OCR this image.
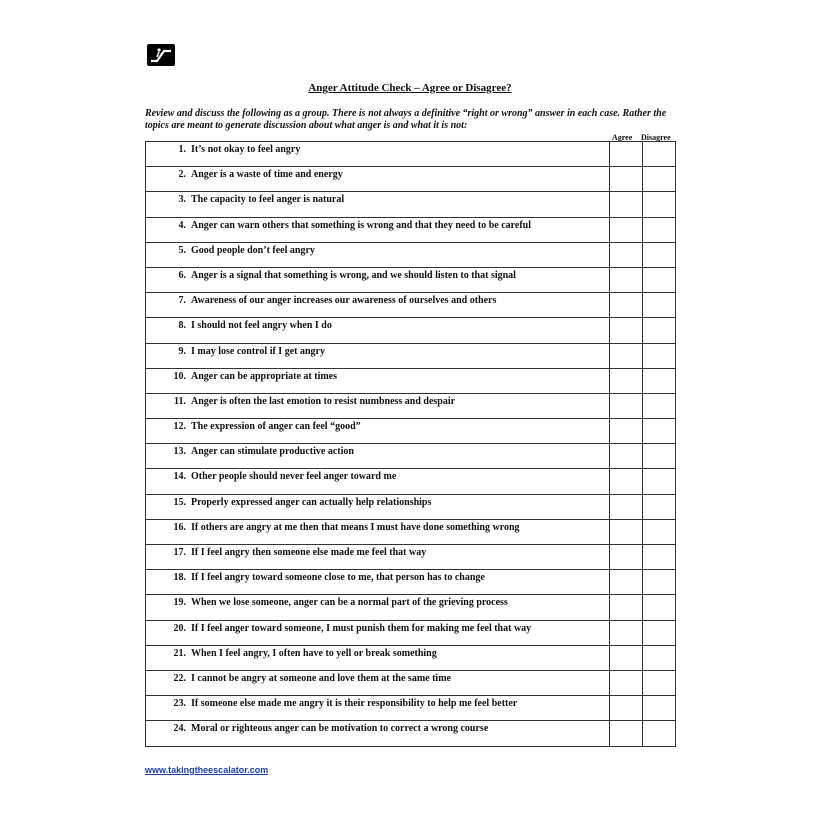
Anger Attitude Check – Agree or Disagree?
Review and discuss the following as a group. There is not always a definitive “right or wrong” answer in each case. Rather the topics are meant to generate discussion about what anger is and what it is not:
Agree Disagree
1. It’s not okay to feel angry		

2. Anger is a waste of time and energy		

3. The capacity to feel anger is natural		

4. Anger can warn others that something is wrong and that they need to be careful		

5. Good people don’t feel angry		

6. Anger is a signal that something is wrong, and we should listen to that signal		

7. Awareness of our anger increases our awareness of ourselves and others		

8. I should not feel angry when I do		

9. I may lose control if I get angry		

10. Anger can be appropriate at times		

11. Anger is often the last emotion to resist numbness and despair		

12. The expression of anger can feel “good”		

13. Anger can stimulate productive action		

14. Other people should never feel anger toward me		

15. Properly expressed anger can actually help relationships		

16. If others are angry at me then that means I must have done something wrong		

17. If I feel angry then someone else made me feel that way		

18. If I feel angry toward someone close to me, that person has to change		

19. When we lose someone, anger can be a normal part of the grieving process		

20. If I feel anger toward someone, I must punish them for making me feel that way		

21. When I feel angry, I often have to yell or break something		

22. I cannot be angry at someone and love them at the same time		

23. If someone else made me angry it is their responsibility to help me feel better		

24. Moral or righteous anger can be motivation to correct a wrong course		

www.takingtheescalator.com
